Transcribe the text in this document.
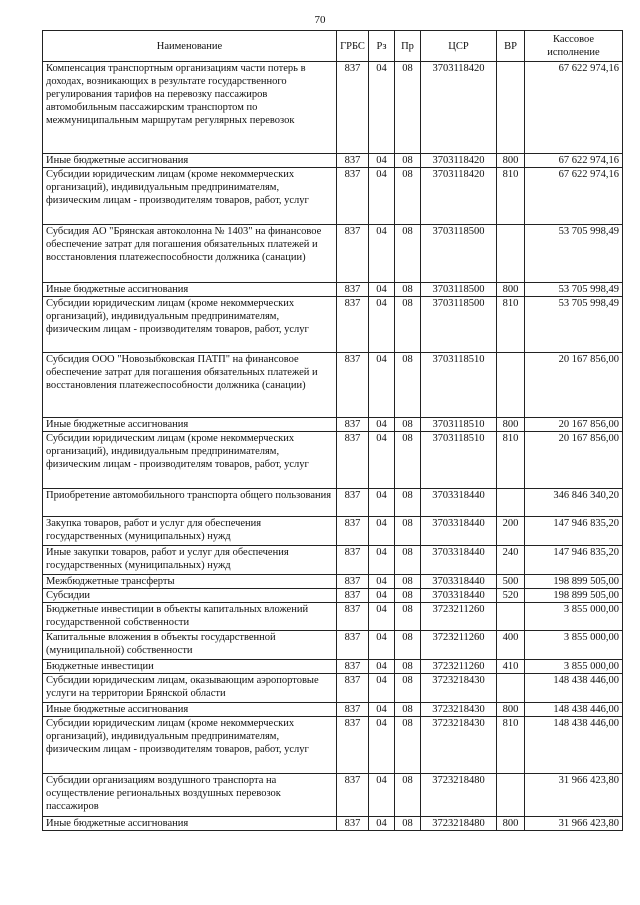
70
Наименование	ГРБС	Рз	Пр	ЦСР	ВР	Кассовое исполнение
Компенсация транспортным организациям части потерь в доходах, возникающих в результате государственного регулирования тарифов на перевозку пассажиров автомобильным пассажирским транспортом по межмуниципальным маршрутам регулярных перевозок	837	04	08	3703118420		67 622 974,16
Иные бюджетные ассигнования	837	04	08	3703118420	800	67 622 974,16
Субсидии юридическим лицам (кроме некоммерческих организаций), индивидуальным предпринимателям, физическим лицам - производителям товаров, работ, услуг	837	04	08	3703118420	810	67 622 974,16
Субсидия АО "Брянская автоколонна № 1403" на финансовое обеспечение затрат для погашения обязательных платежей и восстановления платежеспособности должника (санации)	837	04	08	3703118500		53 705 998,49
Иные бюджетные ассигнования	837	04	08	3703118500	800	53 705 998,49
Субсидии юридическим лицам (кроме некоммерческих организаций), индивидуальным предпринимателям, физическим лицам - производителям товаров, работ, услуг	837	04	08	3703118500	810	53 705 998,49
Субсидия ООО "Новозыбковская ПАТП" на финансовое обеспечение затрат для погашения обязательных платежей и восстановления платежеспособности должника (санации)	837	04	08	3703118510		20 167 856,00
Иные бюджетные ассигнования	837	04	08	3703118510	800	20 167 856,00
Субсидии юридическим лицам (кроме некоммерческих организаций), индивидуальным предпринимателям, физическим лицам - производителям товаров, работ, услуг	837	04	08	3703118510	810	20 167 856,00
Приобретение автомобильного транспорта общего пользования	837	04	08	3703318440		346 846 340,20
Закупка товаров, работ и услуг для обеспечения государственных (муниципальных) нужд	837	04	08	3703318440	200	147 946 835,20
Иные закупки товаров, работ и услуг для обеспечения государственных (муниципальных) нужд	837	04	08	3703318440	240	147 946 835,20
Межбюджетные трансферты	837	04	08	3703318440	500	198 899 505,00
Субсидии	837	04	08	3703318440	520	198 899 505,00
Бюджетные инвестиции в объекты капитальных вложений государственной собственности	837	04	08	3723211260		3 855 000,00
Капитальные вложения в объекты государственной (муниципальной) собственности	837	04	08	3723211260	400	3 855 000,00
Бюджетные инвестиции	837	04	08	3723211260	410	3 855 000,00
Субсидии юридическим лицам, оказывающим аэропортовые услуги на территории Брянской области	837	04	08	3723218430		148 438 446,00
Иные бюджетные ассигнования	837	04	08	3723218430	800	148 438 446,00
Субсидии юридическим лицам (кроме некоммерческих организаций), индивидуальным предпринимателям, физическим лицам - производителям товаров, работ, услуг	837	04	08	3723218430	810	148 438 446,00
Субсидии организациям воздушного транспорта на осуществление региональных воздушных перевозок пассажиров	837	04	08	3723218480		31 966 423,80
Иные бюджетные ассигнования	837	04	08	3723218480	800	31 966 423,80
